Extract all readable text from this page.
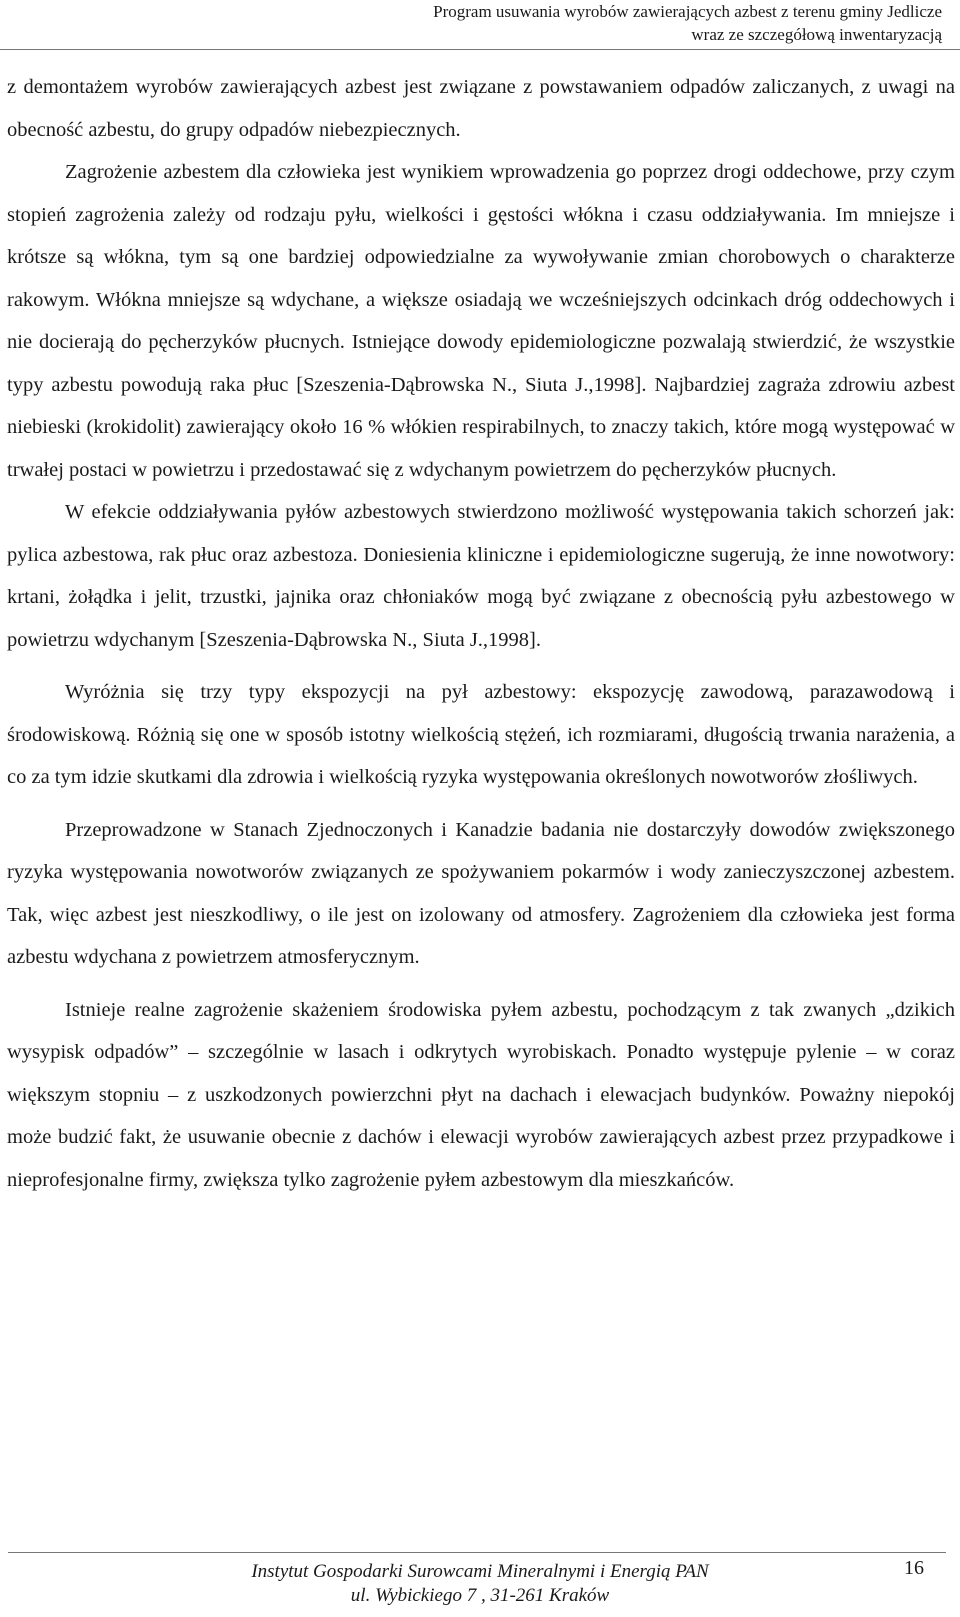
Program usuwania wyrobów zawierających azbest z terenu gminy Jedlicze
wraz ze szczegółową inwentaryzacją

z demontażem wyrobów zawierających azbest jest związane z powstawaniem odpadów zaliczanych, z uwagi na obecność azbestu, do grupy odpadów niebezpiecznych.

Zagrożenie azbestem dla człowieka jest wynikiem wprowadzenia go poprzez drogi oddechowe, przy czym stopień zagrożenia zależy od rodzaju pyłu, wielkości i gęstości włókna i czasu oddziaływania. Im mniejsze i krótsze są włókna, tym są one bardziej odpowiedzialne za wywoływanie zmian chorobowych o charakterze rakowym. Włókna mniejsze są wdychane, a większe osiadają we wcześniejszych odcinkach dróg oddechowych i nie docierają do pęcherzyków płucnych. Istniejące dowody epidemiologiczne pozwalają stwierdzić, że wszystkie typy azbestu powodują raka płuc [Szeszenia-Dąbrowska N., Siuta J.,1998]. Najbardziej zagraża zdrowiu azbest niebieski (krokidolit) zawierający około 16 % włókien respirabilnych, to znaczy takich, które mogą występować w trwałej postaci w powietrzu i przedostawać się z wdychanym powietrzem do pęcherzyków płucnych.

W efekcie oddziaływania pyłów azbestowych stwierdzono możliwość występowania takich schorzeń jak: pylica azbestowa, rak płuc oraz azbestoza. Doniesienia kliniczne i epidemiologiczne sugerują, że inne nowotwory: krtani, żołądka i jelit, trzustki, jajnika oraz chłoniaków mogą być związane z obecnością pyłu azbestowego w powietrzu wdychanym [Szeszenia-Dąbrowska N., Siuta J.,1998].

Wyróżnia się trzy typy ekspozycji na pył azbestowy: ekspozycję zawodową, parazawodową i środowiskową. Różnią się one w sposób istotny wielkością stężeń, ich rozmiarami, długością trwania narażenia, a co za tym idzie skutkami dla zdrowia i wielkością ryzyka występowania określonych nowotworów złośliwych.

Przeprowadzone w Stanach Zjednoczonych i Kanadzie badania nie dostarczyły dowodów zwiększonego ryzyka występowania nowotworów związanych ze spożywaniem pokarmów i wody zanieczyszczonej azbestem. Tak, więc azbest jest nieszkodliwy, o ile jest on izolowany od atmosfery. Zagrożeniem dla człowieka jest forma azbestu wdychana z powietrzem atmosferycznym.

Istnieje realne zagrożenie skażeniem środowiska pyłem azbestu, pochodzącym z tak zwanych „dzikich wysypisk odpadów” – szczególnie w lasach i odkrytych wyrobiskach. Ponadto występuje pylenie – w coraz większym stopniu – z uszkodzonych powierzchni płyt na dachach i elewacjach budynków. Poważny niepokój może budzić fakt, że usuwanie obecnie z dachów i elewacji wyrobów zawierających azbest przez przypadkowe i nieprofesjonalne firmy, zwiększa tylko zagrożenie pyłem azbestowym dla mieszkańców.

Instytut Gospodarki Surowcami Mineralnymi i Energią PAN
ul. Wybickiego 7 , 31-261 Kraków
16
